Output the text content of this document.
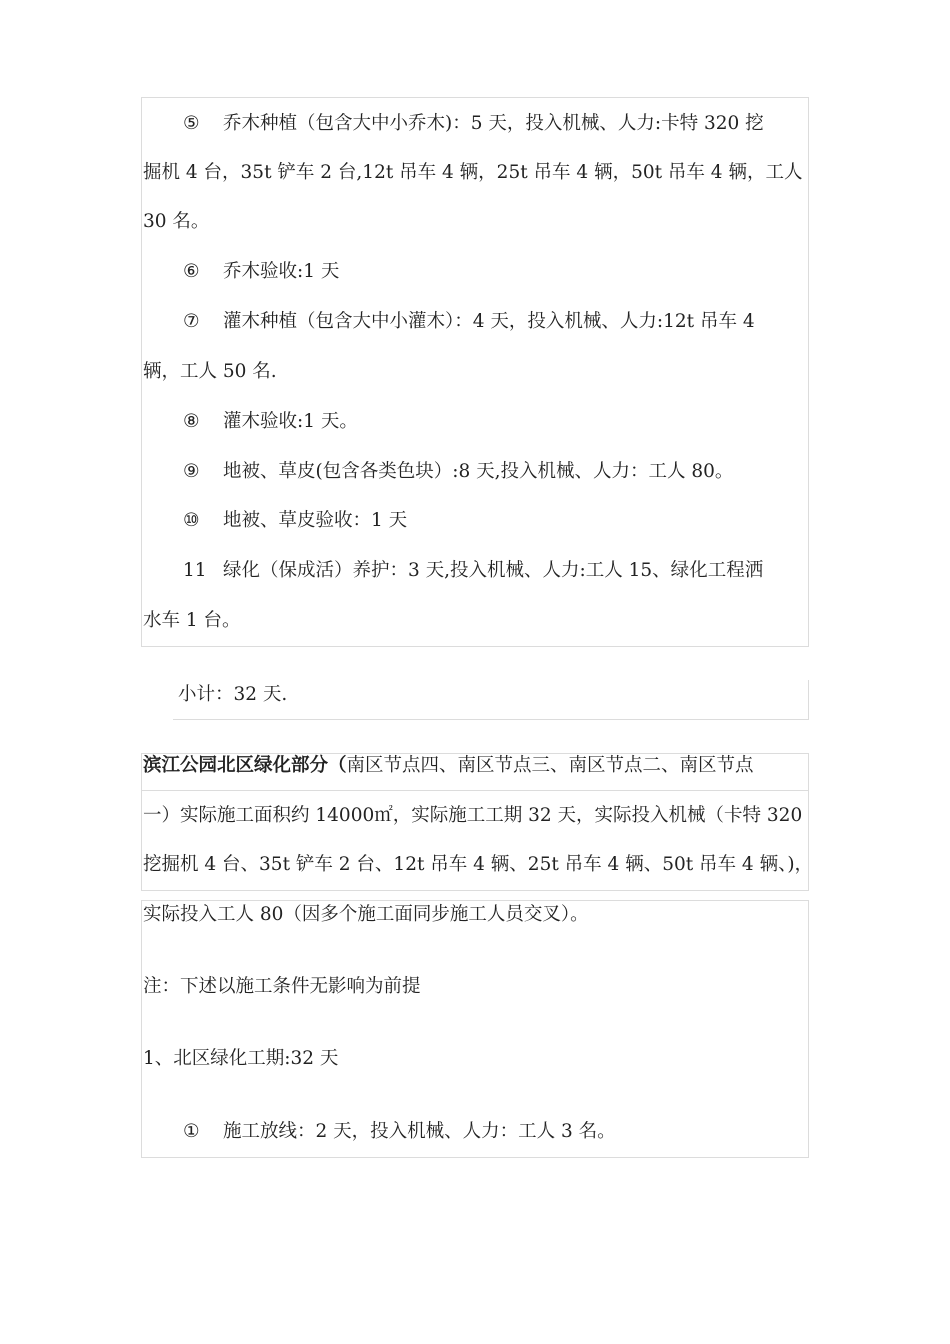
⑤ 乔木种植（包含大中小乔木)：5 天，投入机械、人力:卡特 320 挖
掘机 4 台，35t 铲车 2 台,12t 吊车 4 辆，25t 吊车 4 辆，50t 吊车 4 辆，工人
30 名。
⑥ 乔木验收:1 天
⑦ 灌木种植（包含大中小灌木）：4 天，投入机械、人力:12t 吊车 4
辆，工人 50 名.
⑧ 灌木验收:1 天。
⑨ 地被、草皮(包含各类色块）:8 天,投入机械、人力：工人 80。
⑩ 地被、草皮验收：1 天
11 绿化（保成活）养护：3 天,投入机械、人力:工人 15、绿化工程洒
水车 1 台。
小计：32 天.
滨江公园北区绿化部分（南区节点四、南区节点三、南区节点二、南区节点
一）实际施工面积约 14000㎡，实际施工工期 32 天，实际投入机械（卡特 320
挖掘机 4 台、35t 铲车 2 台、12t 吊车 4 辆、25t 吊车 4 辆、50t 吊车 4 辆、)，
实际投入工人 80（因多个施工面同步施工人员交叉）。
注：下述以施工条件无影响为前提
1、北区绿化工期:32 天
① 施工放线：2 天，投入机械、人力：工人 3 名。
